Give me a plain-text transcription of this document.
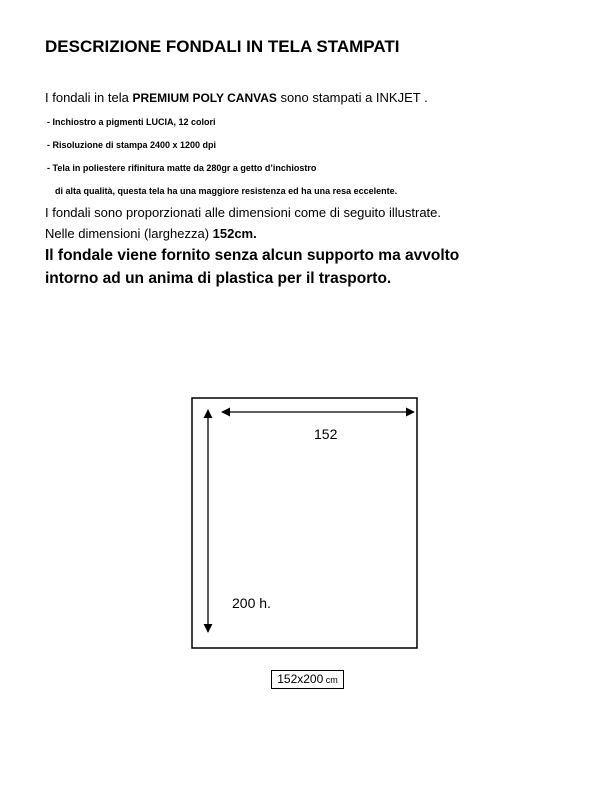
DESCRIZIONE FONDALI IN TELA STAMPATI
I fondali in tela PREMIUM POLY CANVAS sono stampati a INKJET .
- Inchiostro a pigmenti LUCIA, 12 colori
- Risoluzione di stampa 2400 x 1200 dpi
- Tela in poliestere rifinitura matte da 280gr a getto d’inchiostro
di alta qualità, questa tela ha una maggiore resistenza ed ha una resa eccelente.
I fondali sono proporzionati alle dimensioni come di seguito illustrate.
Nelle dimensioni (larghezza) 152cm.
Il fondale viene fornito senza alcun supporto ma avvolto
intorno ad un anima di plastica per il trasporto.
152
200 h.
152x200 cm
